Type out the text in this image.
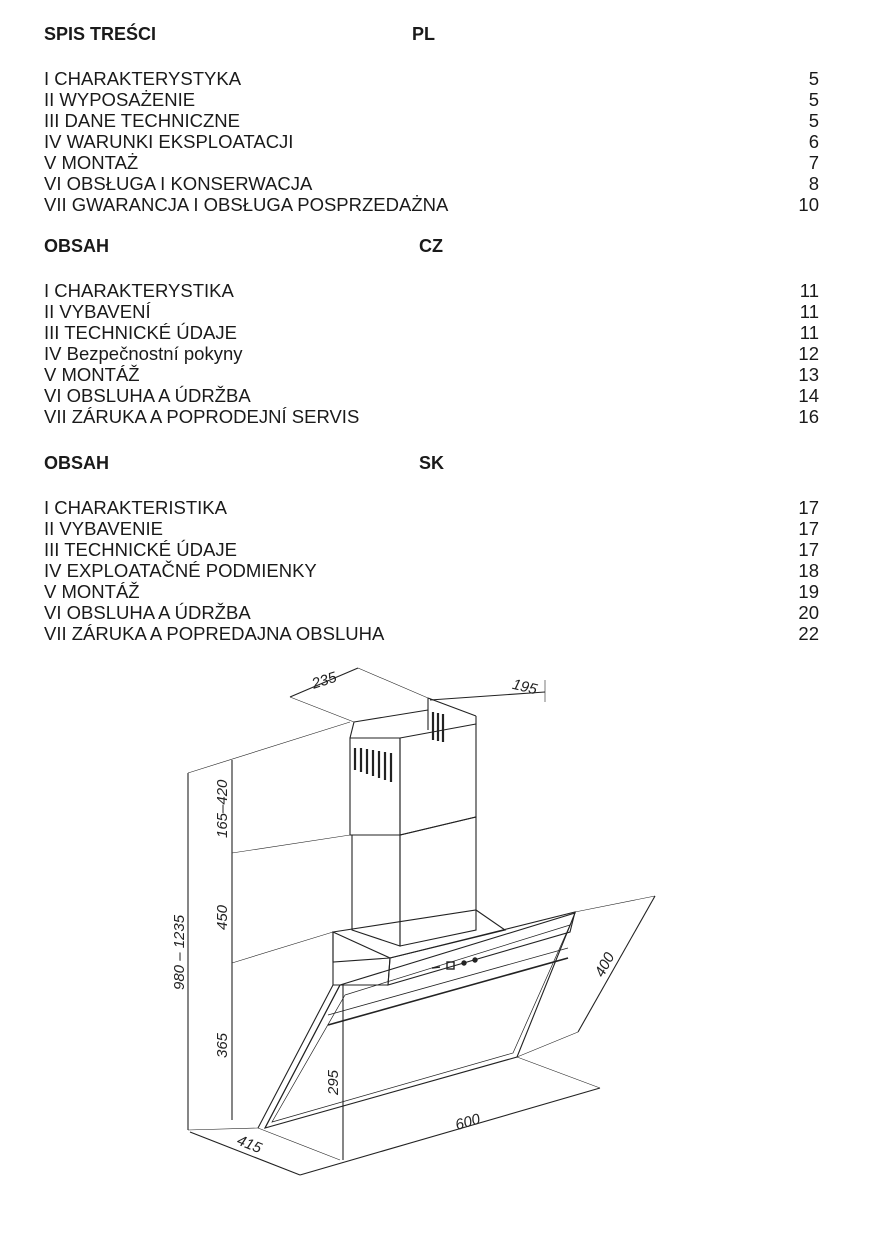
SPIS TREŚCI	PL
I CHARAKTERYSTYKA	5
II WYPOSAŻENIE	5
III DANE TECHNICZNE	5
IV WARUNKI EKSPLOATACJI	6
V MONTAŻ	7
VI OBSŁUGA I KONSERWACJA	8
VII GWARANCJA I OBSŁUGA POSPRZEDAŻNA	10
OBSAH	CZ
I CHARAKTERYSTIKA	11
II VYBAVENÍ	11
III TECHNICKÉ ÚDAJE	11
IV Bezpečnostní pokyny	12
V MONTÁŽ	13
VI OBSLUHA A ÚDRŽBA	14
VII ZÁRUKA A POPRODEJNÍ SERVIS	16
OBSAH	SK
I CHARAKTERISTIKA	17
II VYBAVENIE	17
III TECHNICKÉ ÚDAJE	17
IV EXPLOATAČNÉ PODMIENKY	18
V MONTÁŽ	19
VI OBSLUHA A ÚDRŽBA	20
VII ZÁRUKA A POPREDAJNA OBSLUHA	22
235	195
165–420
450
980 – 1235
365
295
415
600
400
